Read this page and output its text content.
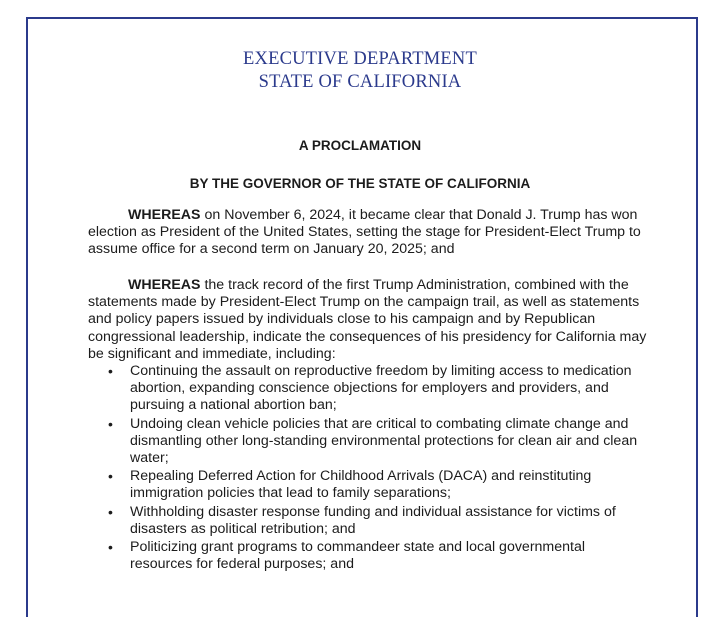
EXECUTIVE DEPARTMENT
STATE OF CALIFORNIA
A PROCLAMATION
BY THE GOVERNOR OF THE STATE OF CALIFORNIA
WHEREAS on November 6, 2024, it became clear that Donald J. Trump has won election as President of the United States, setting the stage for President-Elect Trump to assume office for a second term on January 20, 2025; and
WHEREAS the track record of the first Trump Administration, combined with the statements made by President-Elect Trump on the campaign trail, as well as statements and policy papers issued by individuals close to his campaign and by Republican congressional leadership, indicate the consequences of his presidency for California may be significant and immediate, including:
• Continuing the assault on reproductive freedom by limiting access to medication abortion, expanding conscience objections for employers and providers, and pursuing a national abortion ban;
• Undoing clean vehicle policies that are critical to combating climate change and dismantling other long-standing environmental protections for clean air and clean water;
• Repealing Deferred Action for Childhood Arrivals (DACA) and reinstituting immigration policies that lead to family separations;
• Withholding disaster response funding and individual assistance for victims of disasters as political retribution; and
• Politicizing grant programs to commandeer state and local governmental resources for federal purposes; and
